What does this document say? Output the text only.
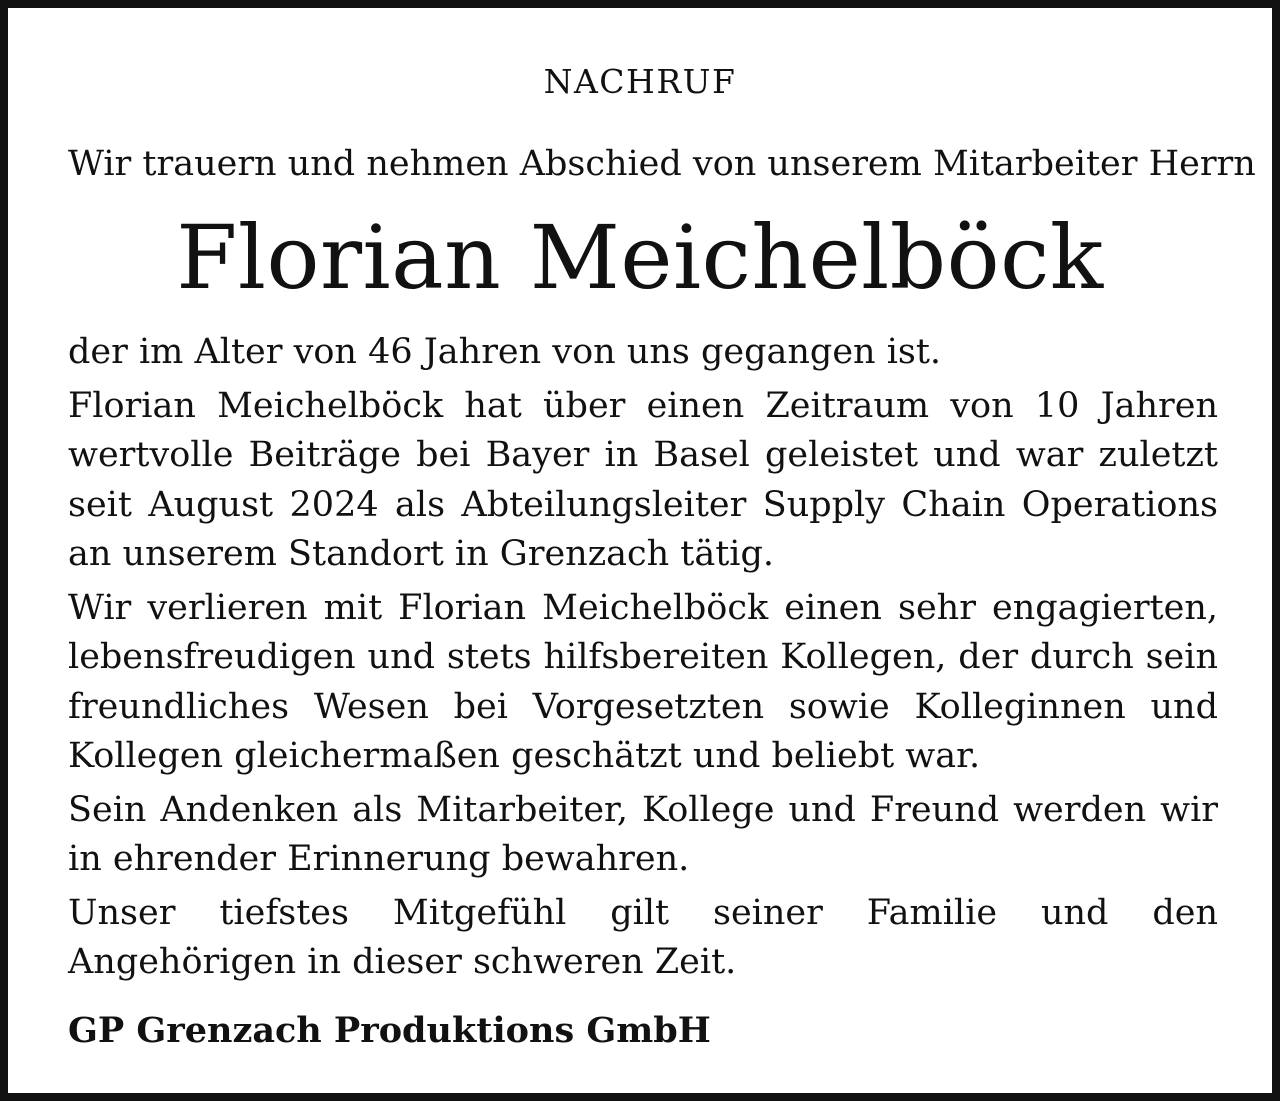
NACHRUF
Wir trauern und nehmen Abschied von unserem Mitarbeiter Herrn
Florian Meichelböck

der im Alter von 46 Jahren von uns gegangen ist.

Florian Meichelböck hat über einen Zeitraum von 10 Jahren wertvolle Beiträge bei Bayer in Basel geleistet und war zuletzt seit August 2024 als Abteilungsleiter Supply Chain Operations an unserem Standort in Grenzach tätig.

Wir verlieren mit Florian Meichelböck einen sehr engagierten, lebensfreudigen und stets hilfsbereiten Kollegen, der durch sein freundliches Wesen bei Vorgesetzten sowie Kolleginnen und Kollegen gleichermaßen geschätzt und beliebt war.

Sein Andenken als Mitarbeiter, Kollege und Freund werden wir in ehrender Erinnerung bewahren.

Unser tiefstes Mitgefühl gilt seiner Familie und den Angehörigen in dieser schweren Zeit.

GP Grenzach Produktions GmbH
